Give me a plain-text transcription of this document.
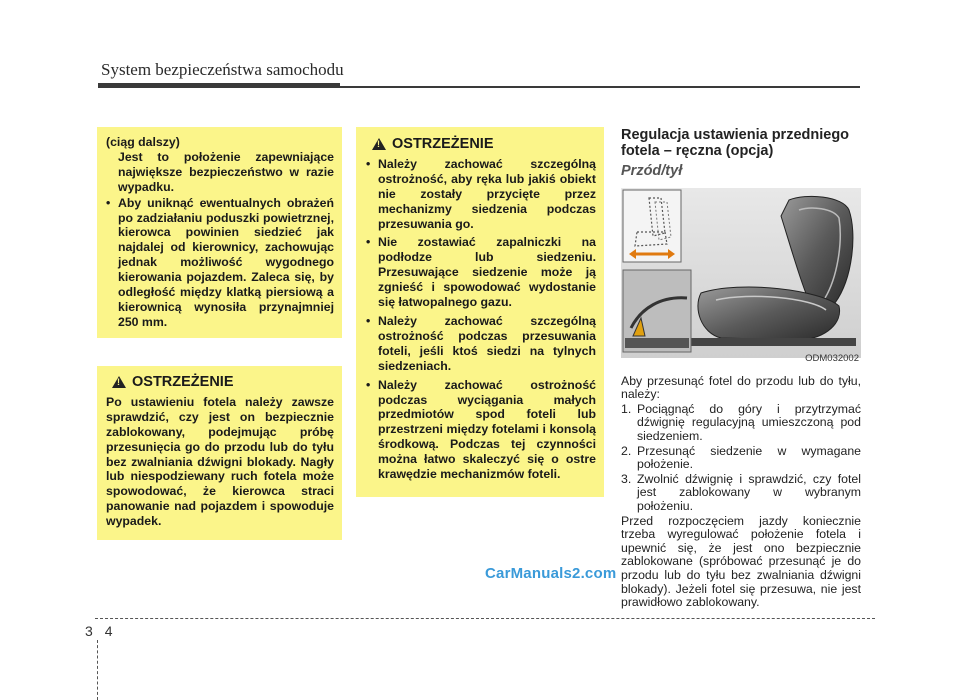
System bezpieczeństwa samochodu
(ciąg dalszy)
Jest to położenie zapewniające największe bezpieczeństwo w razie wypadku.
• Aby uniknąć ewentualnych obrażeń po zadziałaniu poduszki powietrznej, kierowca powinien siedzieć jak najdalej od kierownicy, zachowując jednak możliwość wygodnego kierowania pojazdem. Zaleca się, by odległość między klatką piersiową a kierownicą wynosiła przynajmniej 250 mm.
!
OSTRZEŻENIE
Po ustawieniu fotela należy zawsze sprawdzić, czy jest on bezpiecznie zablokowany, podejmując próbę przesunięcia go do przodu lub do tyłu bez zwalniania dźwigni blokady. Nagły lub niespodziewany ruch fotela może spowodować, że kierowca straci panowanie nad pojazdem i spowoduje wypadek.
!
OSTRZEŻENIE
• Należy zachować szczególną ostrożność, aby ręka lub jakiś obiekt nie zostały przycięte przez mechanizmy siedzenia podczas przesuwania go.
• Nie zostawiać zapalniczki na podłodze lub siedzeniu. Przesuwające siedzenie może ją zgnieść i spowodować wydostanie się łatwopalnego gazu.
• Należy zachować szczególną ostrożność podczas przesuwania foteli, jeśli ktoś siedzi na tylnych siedzeniach.
• Należy zachować ostrożność podczas wyciągania małych przedmiotów spod foteli lub przestrzeni między fotelami i konsolą środkową. Podczas tej czynności można łatwo skaleczyć się o ostre krawędzie mechanizmów foteli.
Regulacja ustawienia przedniego fotela – ręczna (opcja)
Przód/tył
ODM032002

Aby przesunąć fotel do przodu lub do tyłu, należy:

1. Pociągnąć do góry i przytrzymać dźwignię regulacyjną umieszczoną pod siedzeniem.
2. Przesunąć siedzenie w wymagane położenie.
3. Zwolnić dźwignię i sprawdzić, czy fotel jest zablokowany w wybranym położeniu.

Przed rozpoczęciem jazdy koniecznie trzeba wyregulować położenie fotela i upewnić się, że jest ono bezpiecznie zablokowane (spróbować przesunąć je do przodu lub do tyłu bez zwalniania dźwigni blokady). Jeżeli fotel się przesuwa, nie jest prawidłowo zablokowany.

CarManuals2.com
34
